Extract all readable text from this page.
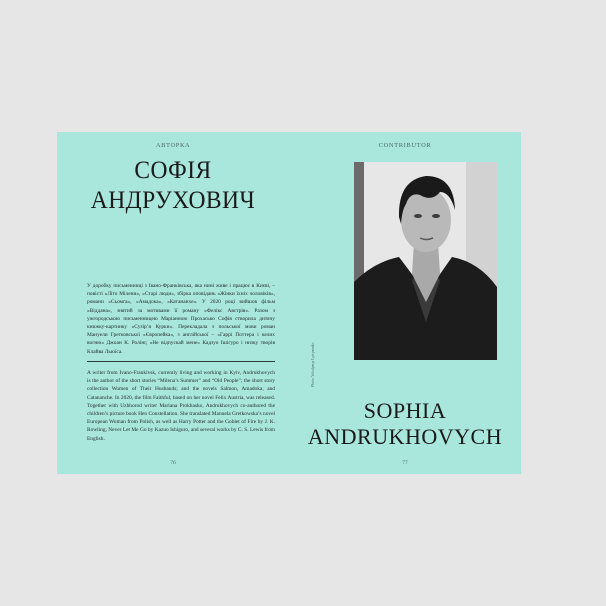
АВТОРКА
СОФІЯ
АНДРУХОВИЧ
У доробку письменниці з Івано-Франківська, яка нині живе і працює в Києві, – повісті «Літо Мілени», «Старі люди», збірка оповідань «Жінки їхніх чоловіків», романи «Сьомга», «Амадока», «Катананхе». У 2020 році вийшов фільм «Віддана», знятий за мотивами її роману «Фелікс Австрія». Разом з ужгородською письменницею Маріанною Прохасько Софія створила дитячу книжку-картинку «Сузір’я Курки». Перекладала з польської мови роман Мануели Гретковської «Європейка», з англійської – «Гаррі Поттера і келих вогню» Джоан К. Ролінг, «Не відпускай мене» Кадзуо Ішігуро і низку творів Клайва Льюїса.
A writer from Ivano-Frankivsk, currently living and working in Kyiv, Andrukhovych is the author of the short stories “Milena’s Summer” and “Old People”; the short story collection Women of Their Husbands; and the novels Salmon, Amadoka, and Catananche. In 2020, the film Faithful, based on her novel Felix Austria, was released. Together with Uzhhorod writer Mariana Prokhasko, Andrukhovych co-authored the children’s picture book Hen Constellation. She translated Manuela Gretkowska’s novel European Woman from Polish, as well as Harry Potter and the Goblet of Fire by J. K. Rowling, Never Let Me Go by Kazuo Ishiguro, and several works by C. S. Lewis from English.
76
CONTRIBUTOR
Photo: Volodymyr Lytvynenko
SOPHIA
ANDRUKHOVYCH
77
